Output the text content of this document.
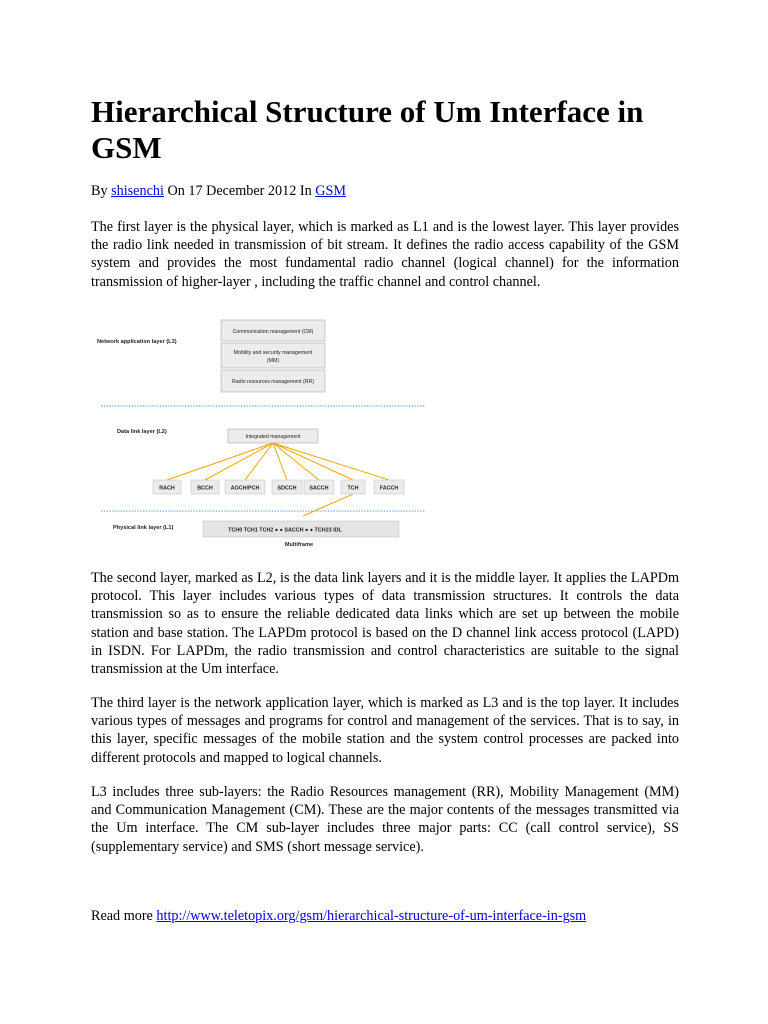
Hierarchical Structure of Um Interface in GSM
By shisenchi On 17 December 2012 In GSM

The first layer is the physical layer, which is marked as L1 and is the lowest layer. This layer provides the radio link needed in transmission of bit stream. It defines the radio access capability of the GSM system and provides the most fundamental radio channel (logical channel) for the information transmission of higher-layer , including the traffic channel and control channel.

The second layer, marked as L2, is the data link layers and it is the middle layer. It applies the LAPDm protocol. This layer includes various types of data transmission structures. It controls the data transmission so as to ensure the reliable dedicated data links which are set up between the mobile station and base station. The LAPDm protocol is based on the D channel link access protocol (LAPD) in ISDN. For LAPDm, the radio transmission and control characteristics are suitable to the signal transmission at the Um interface.

The third layer is the network application layer, which is marked as L3 and is the top layer. It includes various types of messages and programs for control and management of the services. That is to say, in this layer, specific messages of the mobile station and the system control processes are packed into different protocols and mapped to logical channels.

L3 includes three sub-layers: the Radio Resources management (RR), Mobility Management (MM) and Communication Management (CM). These are the major contents of the messages transmitted via the Um interface. The CM sub-layer includes three major parts: CC (call control service), SS (supplementary service) and SMS (short message service).

Read more http://www.teletopix.org/gsm/hierarchical-structure-of-um-interface-in-gsm
Network application layer (L3)
Data link layer (L2)
Physical link layer (L1)
Communication management (CM)
Mobility and security management
(MM)
Radio resources management (RR)
Integrated management
RACH	BCCH	AGCH/PCH	SDCCH SACCH	TCH	FACCH
TCH0 TCH1 TCH2 ● ● SACCH ● ● TCH23 IDL
Multiframe
